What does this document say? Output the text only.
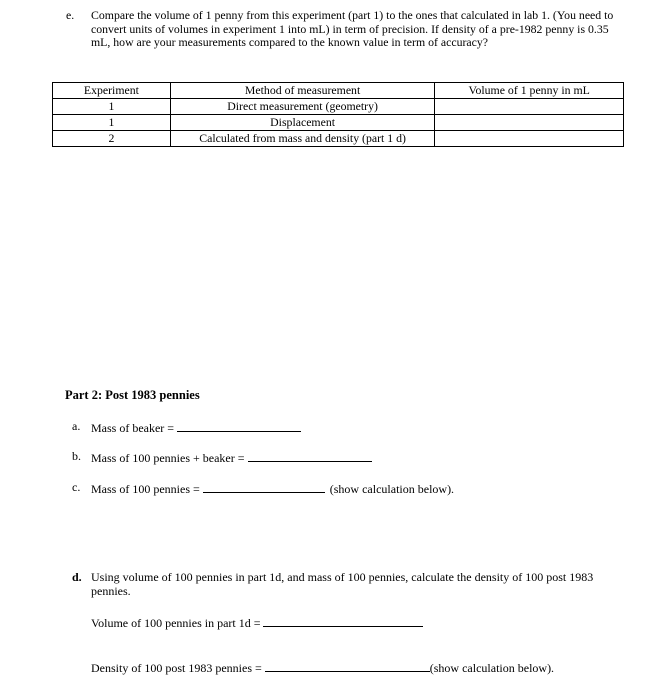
e.	Compare the volume of 1 penny from this experiment (part 1) to the ones that calculated in lab 1. (You need to convert units of volumes in experiment 1 into mL) in term of precision. If density of a pre-1982 penny is 0.35 mL, how are your measurements compared to the known value in term of accuracy?
Experiment	Method of measurement	Volume of 1 penny in mL
1	Direct measurement (geometry)	
1	Displacement	
2	Calculated from mass and density (part 1 d)	
Part 2: Post 1983 pennies
a. Mass of beaker =
b. Mass of 100 pennies + beaker =
c. Mass of 100 pennies =	(show calculation below).
d. Using volume of 100 pennies in part 1d, and mass of 100 pennies, calculate the density of 100 post 1983 pennies.
Volume of 100 pennies in part 1d =
Density of 100 post 1983 pennies =	(show calculation below).
